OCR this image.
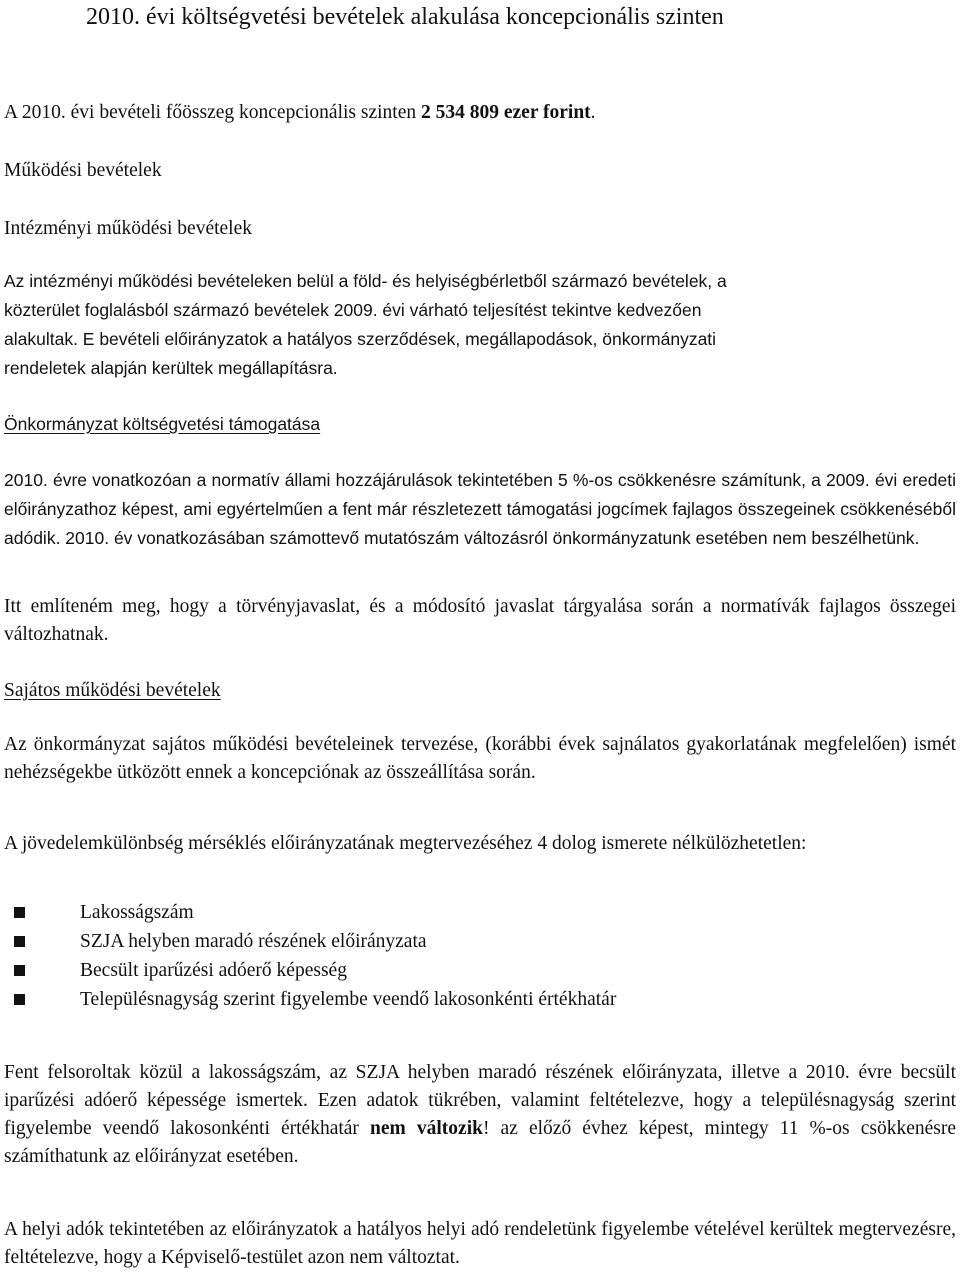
2010. évi költségvetési bevételek alakulása koncepcionális szinten

A 2010. évi bevételi főösszeg koncepcionális szinten 2 534 809 ezer forint.

Működési bevételek

Intézményi működési bevételek

Az intézményi működési bevételeken belül a föld- és helyiségbérletből származó bevételek, a
közterület foglalásból származó bevételek 2009. évi várható teljesítést tekintve kedvezően
alakultak. E bevételi előirányzatok a hatályos szerződések, megállapodások, önkormányzati
rendeletek alapján kerültek megállapításra.

Önkormányzat költségvetési támogatása

2010. évre vonatkozóan a normatív állami hozzájárulások tekintetében 5 %-os csökkenésre számítunk, a 2009. évi eredeti előirányzathoz képest, ami egyértelműen a fent már részletezett támogatási jogcímek fajlagos összegeinek csökkenéséből adódik. 2010. év vonatkozásában számottevő mutatószám változásról önkormányzatunk esetében nem beszélhetünk.

Itt említeném meg, hogy a törvényjavaslat, és a módosító javaslat tárgyalása során a normatívák fajlagos összegei változhatnak.

Sajátos működési bevételek

Az önkormányzat sajátos működési bevételeinek tervezése, (korábbi évek sajnálatos gyakorlatának megfelelően) ismét nehézségekbe ütközött ennek a koncepciónak az összeállítása során.

A jövedelemkülönbség mérséklés előirányzatának megtervezéséhez 4 dolog ismerete nélkülözhetetlen:

Lakosságszám
SZJA helyben maradó részének előirányzata
Becsült iparűzési adóerő képesség
Településnagyság szerint figyelembe veendő lakosonkénti értékhatár

Fent felsoroltak közül a lakosságszám, az SZJA helyben maradó részének előirányzata, illetve a 2010. évre becsült iparűzési adóerő képessége ismertek. Ezen adatok tükrében, valamint feltételezve, hogy a településnagyság szerint figyelembe veendő lakosonkénti értékhatár nem változik! az előző évhez képest, mintegy 11 %-os csökkenésre számíthatunk az előirányzat esetében.

A helyi adók tekintetében az előirányzatok a hatályos helyi adó rendeletünk figyelembe vételével kerültek megtervezésre, feltételezve, hogy a Képviselő-testület azon nem változtat.
